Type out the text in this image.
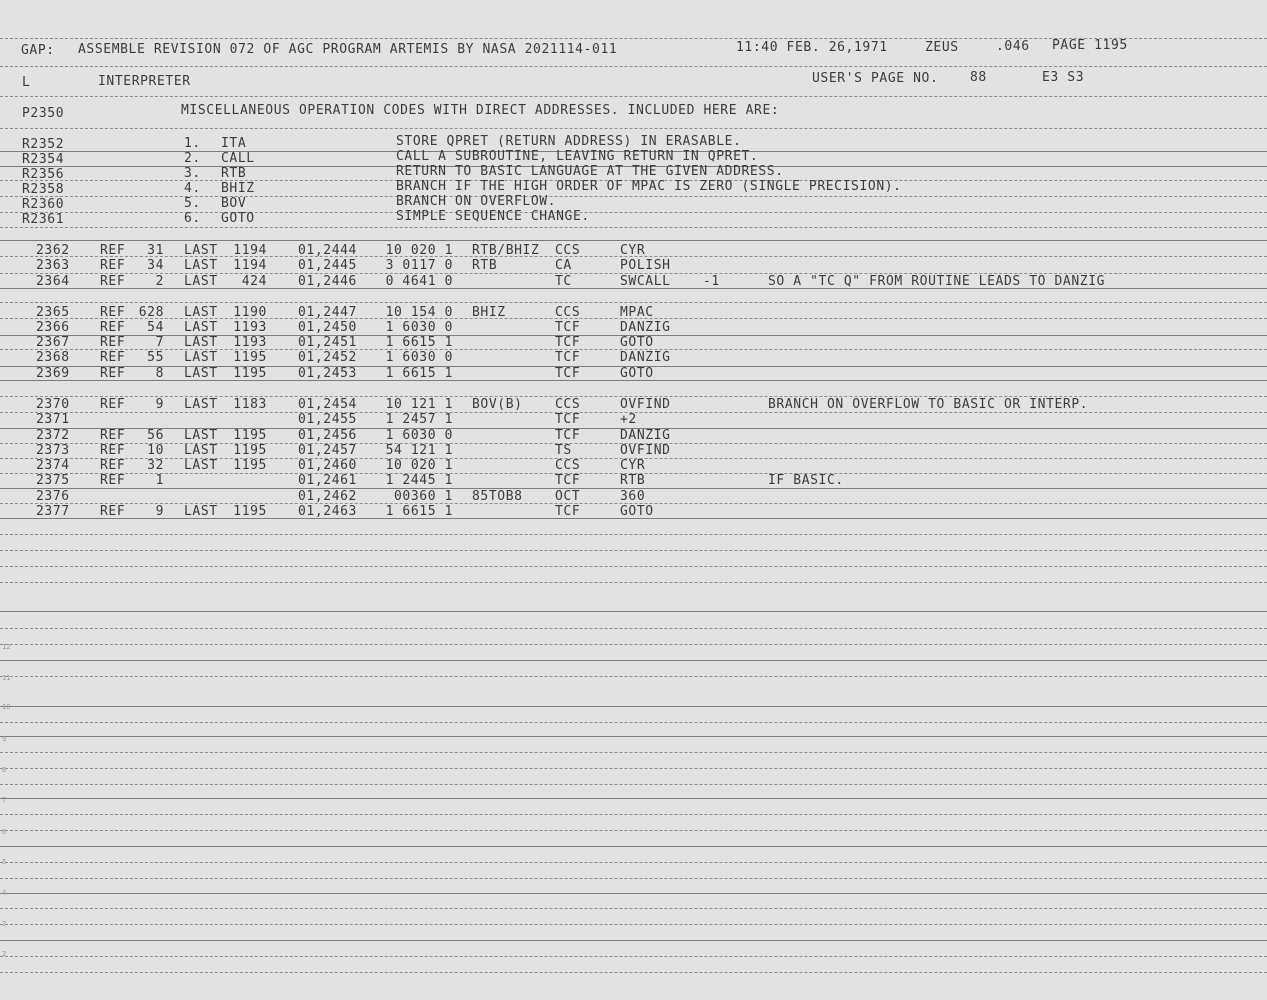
12
11
10
9
8
7
6
5
4
3
2
GAP: ASSEMBLE REVISION 072 OF AGC PROGRAM ARTEMIS BY NASA 2021114-011	11:40 FEB. 26,1971	ZEUS	.046 PAGE 1195
L	INTERPRETER	USER'S PAGE NO. 88	E3 S3
P2350	MISCELLANEOUS OPERATION CODES WITH DIRECT ADDRESSES. INCLUDED HERE ARE:
R2352	1. ITA	STORE QPRET (RETURN ADDRESS) IN ERASABLE.
R2354	2. CALL	CALL A SUBROUTINE, LEAVING RETURN IN QPRET.
R2356	3. RTB	RETURN TO BASIC LANGUAGE AT THE GIVEN ADDRESS.
R2358	4. BHIZ	BRANCH IF THE HIGH ORDER OF MPAC IS ZERO (SINGLE PRECISION).
R2360	5. BOV	BRANCH ON OVERFLOW.
R2361	6. GOTO	SIMPLE SEQUENCE CHANGE.
2362 REF 31 LAST 1194 01,2444 10 020 1 RTB/BHIZ CCS	CYR
2363 REF 34 LAST 1194 01,2445 3 0117 0 RTB	CA	POLISH
2364 REF 2 LAST 424 01,2446 0 4641 0	TC	SWCALL -1	SO A "TC Q" FROM ROUTINE LEADS TO DANZIG
2365 REF 628 LAST 1190 01,2447 10 154 0 BHIZ	CCS	MPAC
2366 REF 54 LAST 1193 01,2450 1 6030 0	TCF	DANZIG
2367 REF 7 LAST 1193 01,2451 1 6615 1	TCF	GOTO
2368 REF 55 LAST 1195 01,2452 1 6030 0	TCF	DANZIG
2369 REF 8 LAST 1195 01,2453 1 6615 1	TCF	GOTO
2370 REF 9 LAST 1183 01,2454 10 121 1 BOV(B) CCS	OVFIND	BRANCH ON OVERFLOW TO BASIC OR INTERP.
2371	01,2455 1 2457 1	TCF	+2
2372 REF 56 LAST 1195 01,2456 1 6030 0	TCF	DANZIG
2373 REF 10 LAST 1195 01,2457 54 121 1	TS	OVFIND
2374 REF 32 LAST 1195 01,2460 10 020 1	CCS	CYR
2375 REF 1	01,2461 1 2445 1	TCF	RTB	IF BASIC.
2376	01,2462	00360 1 85TOB8 OCT	360
2377 REF 9 LAST 1195 01,2463 1 6615 1	TCF	GOTO
